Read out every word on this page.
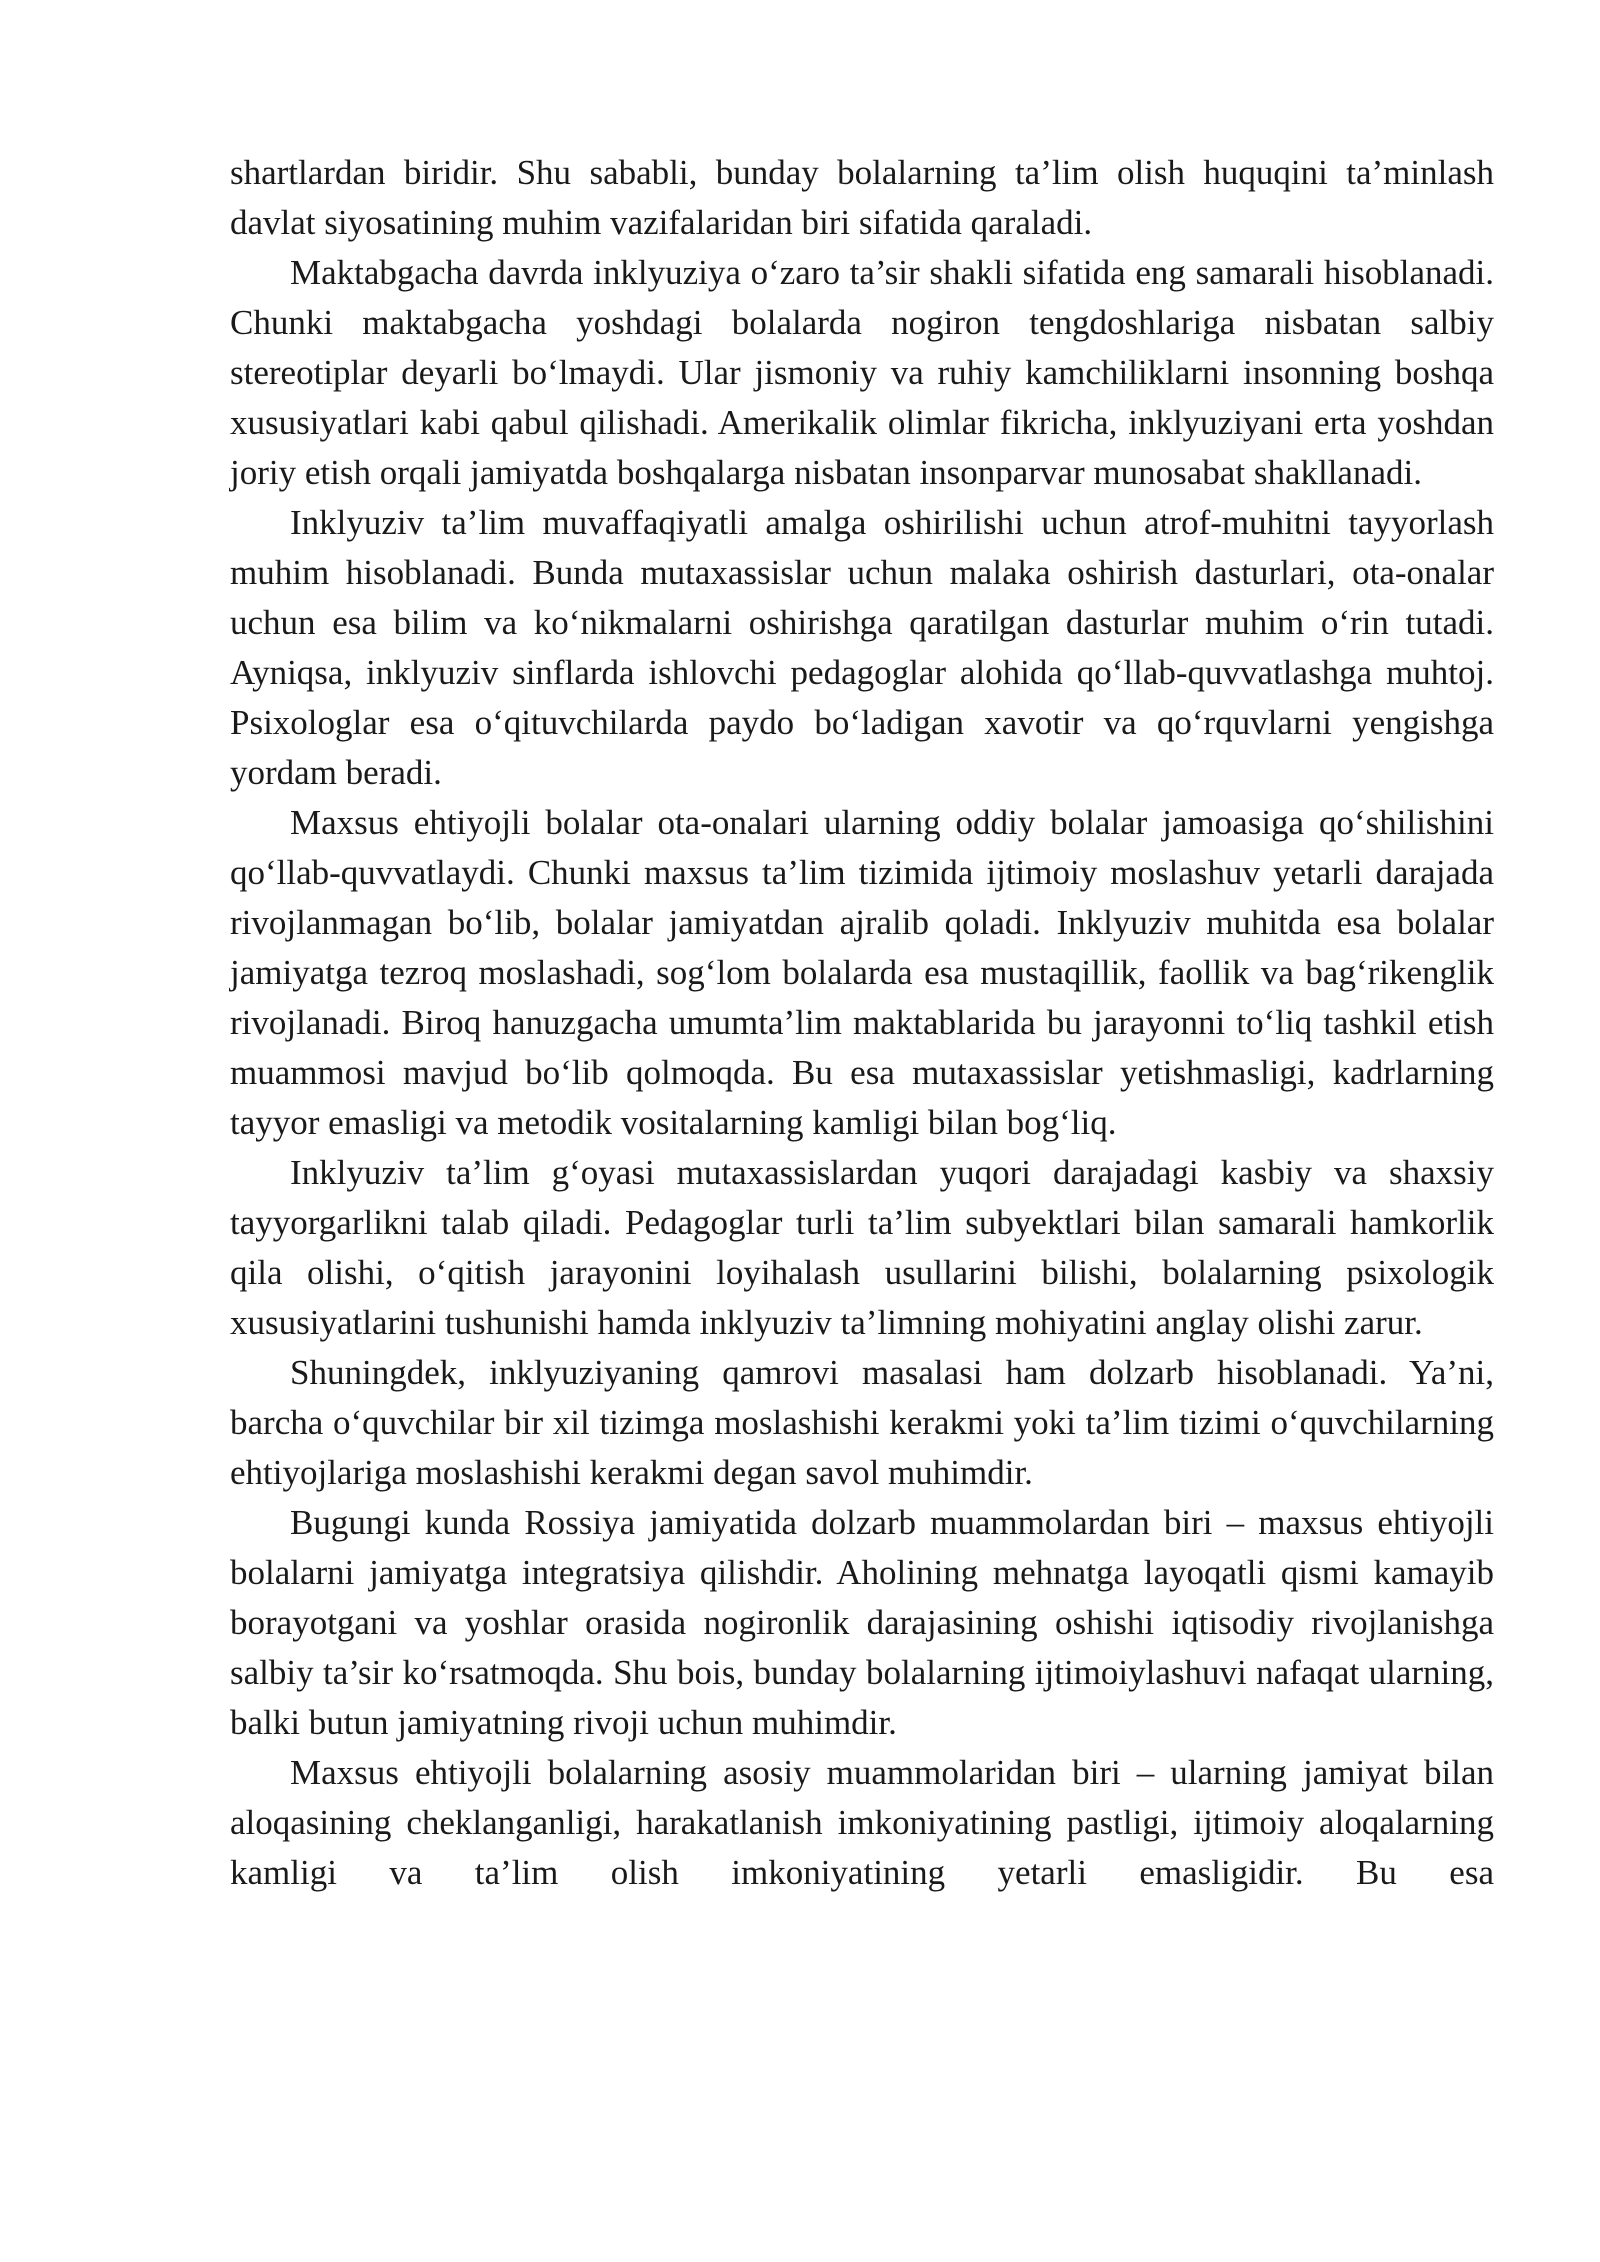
shartlardan biridir. Shu sababli, bunday bolalarning ta’lim olish huquqini ta’minlash davlat siyosatining muhim vazifalaridan biri sifatida qaraladi.

Maktabgacha davrda inklyuziya o‘zaro ta’sir shakli sifatida eng samarali hisoblanadi. Chunki maktabgacha yoshdagi bolalarda nogiron tengdoshlariga nisbatan salbiy stereotiplar deyarli bo‘lmaydi. Ular jismoniy va ruhiy kamchiliklarni insonning boshqa xususiyatlari kabi qabul qilishadi. Amerikalik olimlar fikricha, inklyuziyani erta yoshdan joriy etish orqali jamiyatda boshqalarga nisbatan insonparvar munosabat shakllanadi.

Inklyuziv ta’lim muvaffaqiyatli amalga oshirilishi uchun atrof-muhitni tayyorlash muhim hisoblanadi. Bunda mutaxassislar uchun malaka oshirish dasturlari, ota-onalar uchun esa bilim va ko‘nikmalarni oshirishga qaratilgan dasturlar muhim o‘rin tutadi. Ayniqsa, inklyuziv sinflarda ishlovchi pedagoglar alohida qo‘llab-quvvatlashga muhtoj. Psixologlar esa o‘qituvchilarda paydo bo‘ladigan xavotir va qo‘rquvlarni yengishga yordam beradi.

Maxsus ehtiyojli bolalar ota-onalari ularning oddiy bolalar jamoasiga qo‘shilishini qo‘llab-quvvatlaydi. Chunki maxsus ta’lim tizimida ijtimoiy moslashuv yetarli darajada rivojlanmagan bo‘lib, bolalar jamiyatdan ajralib qoladi. Inklyuziv muhitda esa bolalar jamiyatga tezroq moslashadi, sog‘lom bolalarda esa mustaqillik, faollik va bag‘rikenglik rivojlanadi. Biroq hanuzgacha umumta’lim maktablarida bu jarayonni to‘liq tashkil etish muammosi mavjud bo‘lib qolmoqda. Bu esa mutaxassislar yetishmasligi, kadrlarning tayyor emasligi va metodik vositalarning kamligi bilan bog‘liq.

Inklyuziv ta’lim g‘oyasi mutaxassislardan yuqori darajadagi kasbiy va shaxsiy tayyorgarlikni talab qiladi. Pedagoglar turli ta’lim subyektlari bilan samarali hamkorlik qila olishi, o‘qitish jarayonini loyihalash usullarini bilishi, bolalarning psixologik xususiyatlarini tushunishi hamda inklyuziv ta’limning mohiyatini anglay olishi zarur.

Shuningdek, inklyuziyaning qamrovi masalasi ham dolzarb hisoblanadi. Ya’ni, barcha o‘quvchilar bir xil tizimga moslashishi kerakmi yoki ta’lim tizimi o‘quvchilarning ehtiyojlariga moslashishi kerakmi degan savol muhimdir.

Bugungi kunda Rossiya jamiyatida dolzarb muammolardan biri – maxsus ehtiyojli bolalarni jamiyatga integratsiya qilishdir. Aholining mehnatga layoqatli qismi kamayib borayotgani va yoshlar orasida nogironlik darajasining oshishi iqtisodiy rivojlanishga salbiy ta’sir ko‘rsatmoqda. Shu bois, bunday bolalarning ijtimoiylashuvi nafaqat ularning, balki butun jamiyatning rivoji uchun muhimdir.

Maxsus ehtiyojli bolalarning asosiy muammolaridan biri – ularning jamiyat bilan aloqasining cheklanganligi, harakatlanish imkoniyatining pastligi, ijtimoiy aloqalarning kamligi va ta’lim olish imkoniyatining yetarli emasligidir. Bu esa
